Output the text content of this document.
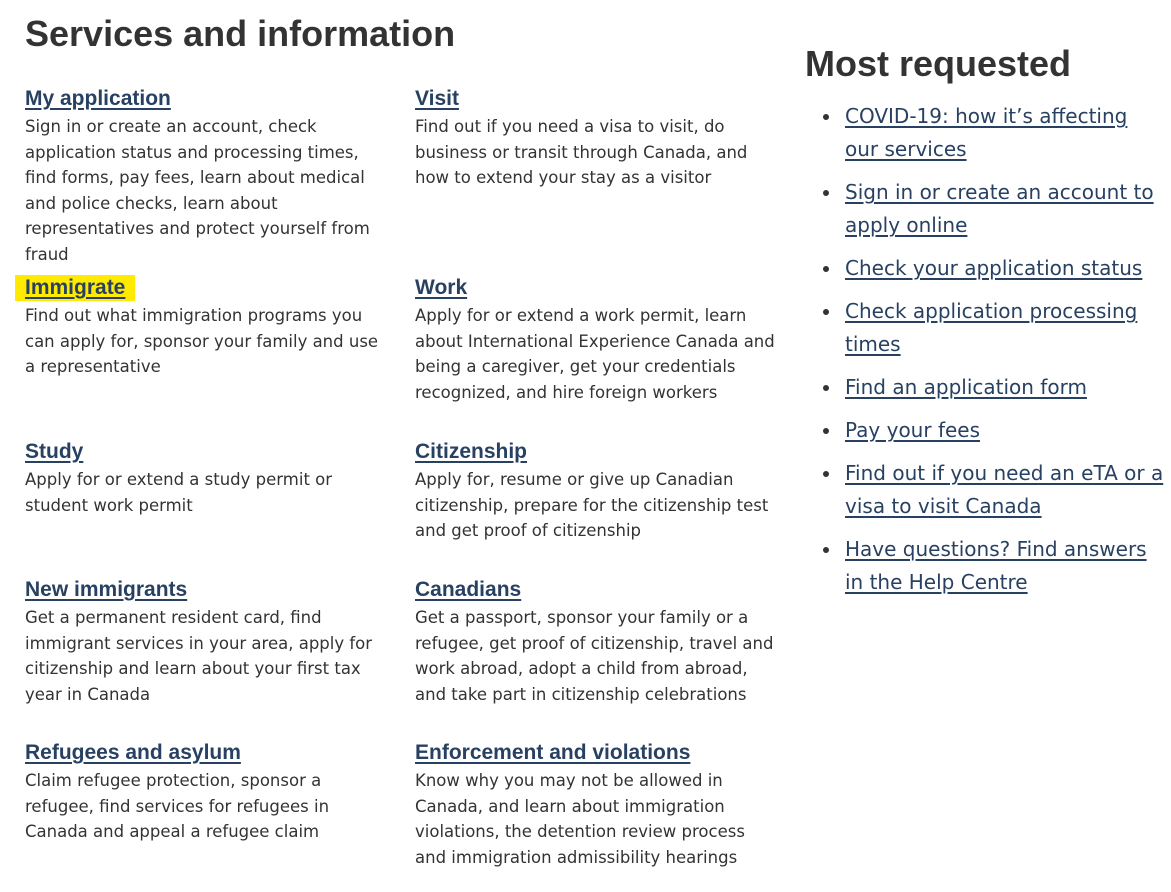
Services and information
My application

Sign in or create an account, check application status and processing times, find forms, pay fees, learn about medical and police checks, learn about representatives and protect yourself from fraud

Visit

Find out if you need a visa to visit, do business or transit through Canada, and how to extend your stay as a visitor

Immigrate

Find out what immigration programs you can apply for, sponsor your family and use a representative

Work

Apply for or extend a work permit, learn about International Experience Canada and being a caregiver, get your credentials recognized, and hire foreign workers

Study

Apply for or extend a study permit or student work permit

Citizenship

Apply for, resume or give up Canadian citizenship, prepare for the citizenship test and get proof of citizenship

New immigrants

Get a permanent resident card, find immigrant services in your area, apply for citizenship and learn about your first tax year in Canada

Canadians

Get a passport, sponsor your family or a refugee, get proof of citizenship, travel and work abroad, adopt a child from abroad, and take part in citizenship celebrations

Refugees and asylum

Claim refugee protection, sponsor a refugee, find services for refugees in Canada and appeal a refugee claim

Enforcement and violations

Know why you may not be allowed in Canada, and learn about immigration violations, the detention review process and immigration admissibility hearings

Most requested
COVID-19: how it’s affecting our services
Sign in or create an account to apply online
Check your application status
Check application processing times
Find an application form
Pay your fees
Find out if you need an eTA or a visa to visit Canada
Have questions? Find answers in the Help Centre
